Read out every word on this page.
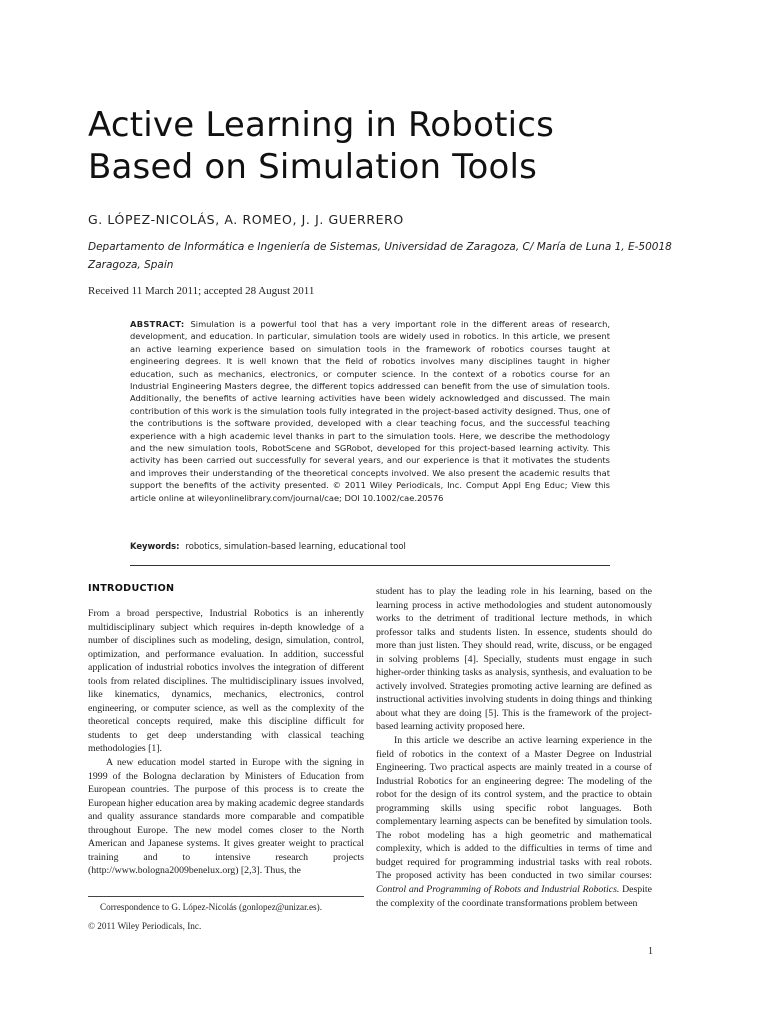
Active Learning in Robotics
Based on Simulation Tools
G. LÓPEZ-NICOLÁS, A. ROMEO, J. J. GUERRERO
Departamento de Informática e Ingeniería de Sistemas, Universidad de Zaragoza, C/ María de Luna 1, E-50018 Zaragoza, Spain
Received 11 March 2011; accepted 28 August 2011

ABSTRACT: Simulation is a powerful tool that has a very important role in the different areas of research, development, and education. In particular, simulation tools are widely used in robotics. In this article, we present an active learning experience based on simulation tools in the framework of robotics courses taught at engineering degrees. It is well known that the field of robotics involves many disciplines taught in higher education, such as mechanics, electronics, or computer science. In the context of a robotics course for an Industrial Engineering Masters degree, the different topics addressed can benefit from the use of simulation tools. Additionally, the benefits of active learning activities have been widely acknowledged and discussed. The main contribution of this work is the simulation tools fully integrated in the project-based activity designed. Thus, one of the contributions is the software provided, developed with a clear teaching focus, and the successful teaching experience with a high academic level thanks in part to the simulation tools. Here, we describe the methodology and the new simulation tools, RobotScene and SGRobot, developed for this project-based learning activity. This activity has been carried out successfully for several years, and our experience is that it motivates the students and improves their understanding of the theoretical concepts involved. We also present the academic results that support the benefits of the activity presented. © 2011 Wiley Periodicals, Inc. Comput Appl Eng Educ; View this article online at wileyonlinelibrary.com/journal/cae; DOI 10.1002/cae.20576

Keywords: robotics, simulation-based learning, educational tool
INTRODUCTION

From a broad perspective, Industrial Robotics is an inherently multidisciplinary subject which requires in-depth knowledge of a number of disciplines such as modeling, design, simulation, control, optimization, and performance evaluation. In addition, successful application of industrial robotics involves the integration of different tools from related disciplines. The multidisciplinary issues involved, like kinematics, dynamics, mechanics, electronics, control engineering, or computer science, as well as the complexity of the theoretical concepts required, make this discipline difficult for students to get deep understanding with classical teaching methodologies [1].

A new education model started in Europe with the signing in 1999 of the Bologna declaration by Ministers of Education from European countries. The purpose of this process is to create the European higher education area by making academic degree standards and quality assurance standards more comparable and compatible throughout Europe. The new model comes closer to the North American and Japanese systems. It gives greater weight to practical training and to intensive research projects (http://www.bologna2009benelux.org) [2,3]. Thus, the

student has to play the leading role in his learning, based on the learning process in active methodologies and student autonomously works to the detriment of traditional lecture methods, in which professor talks and students listen. In essence, students should do more than just listen. They should read, write, discuss, or be engaged in solving problems [4]. Specially, students must engage in such higher-order thinking tasks as analysis, synthesis, and evaluation to be actively involved. Strategies promoting active learning are defined as instructional activities involving students in doing things and thinking about what they are doing [5]. This is the framework of the project-based learning activity proposed here.

In this article we describe an active learning experience in the field of robotics in the context of a Master Degree on Industrial Engineering. Two practical aspects are mainly treated in a course of Industrial Robotics for an engineering degree: The modeling of the robot for the design of its control system, and the practice to obtain programming skills using specific robot languages. Both complementary learning aspects can be benefited by simulation tools. The robot modeling has a high geometric and mathematical complexity, which is added to the difficulties in terms of time and budget required for programming industrial tasks with real robots. The proposed activity has been conducted in two similar courses: Control and Programming of Robots and Industrial Robotics. Despite the complexity of the coordinate transformations problem between

Correspondence to G. López-Nicolás (gonlopez@unizar.es).
© 2011 Wiley Periodicals, Inc.
1
